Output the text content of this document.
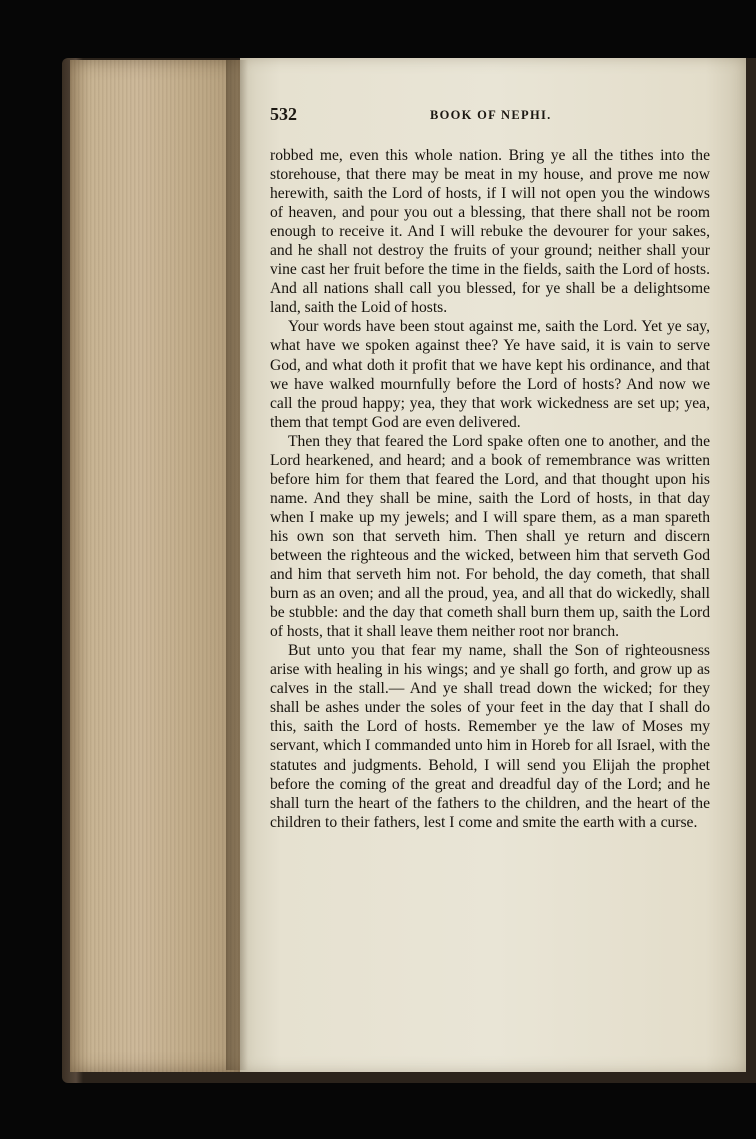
532	BOOK OF NEPHI.

robbed me, even this whole nation. Bring ye all the tithes into the storehouse, that there may be meat in my house, and prove me now herewith, saith the Lord of hosts, if I will not open you the windows of heaven, and pour you out a blessing, that there shall not be room enough to receive it. And I will rebuke the devourer for your sakes, and he shall not destroy the fruits of your ground; neither shall your vine cast her fruit before the time in the fields, saith the Lord of hosts. And all nations shall call you blessed, for ye shall be a delightsome land, saith the Loid of hosts.

Your words have been stout against me, saith the Lord. Yet ye say, what have we spoken against thee? Ye have said, it is vain to serve God, and what doth it profit that we have kept his ordinance, and that we have walked mournfully before the Lord of hosts? And now we call the proud happy; yea, they that work wickedness are set up; yea, them that tempt God are even delivered.

Then they that feared the Lord spake often one to another, and the Lord hearkened, and heard; and a book of remembrance was written before him for them that feared the Lord, and that thought upon his name. And they shall be mine, saith the Lord of hosts, in that day when I make up my jewels; and I will spare them, as a man spareth his own son that serveth him. Then shall ye return and discern between the righteous and the wicked, between him that serveth God and him that serveth him not. For behold, the day cometh, that shall burn as an oven; and all the proud, yea, and all that do wickedly, shall be stubble: and the day that cometh shall burn them up, saith the Lord of hosts, that it shall leave them neither root nor branch.

But unto you that fear my name, shall the Son of righteousness arise with healing in his wings; and ye shall go forth, and grow up as calves in the stall.— And ye shall tread down the wicked; for they shall be ashes under the soles of your feet in the day that I shall do this, saith the Lord of hosts. Remember ye the law of Moses my servant, which I commanded unto him in Horeb for all Israel, with the statutes and judgments. Behold, I will send you Elijah the prophet before the coming of the great and dreadful day of the Lord; and he shall turn the heart of the fathers to the children, and the heart of the children to their fathers, lest I come and smite the earth with a curse.
